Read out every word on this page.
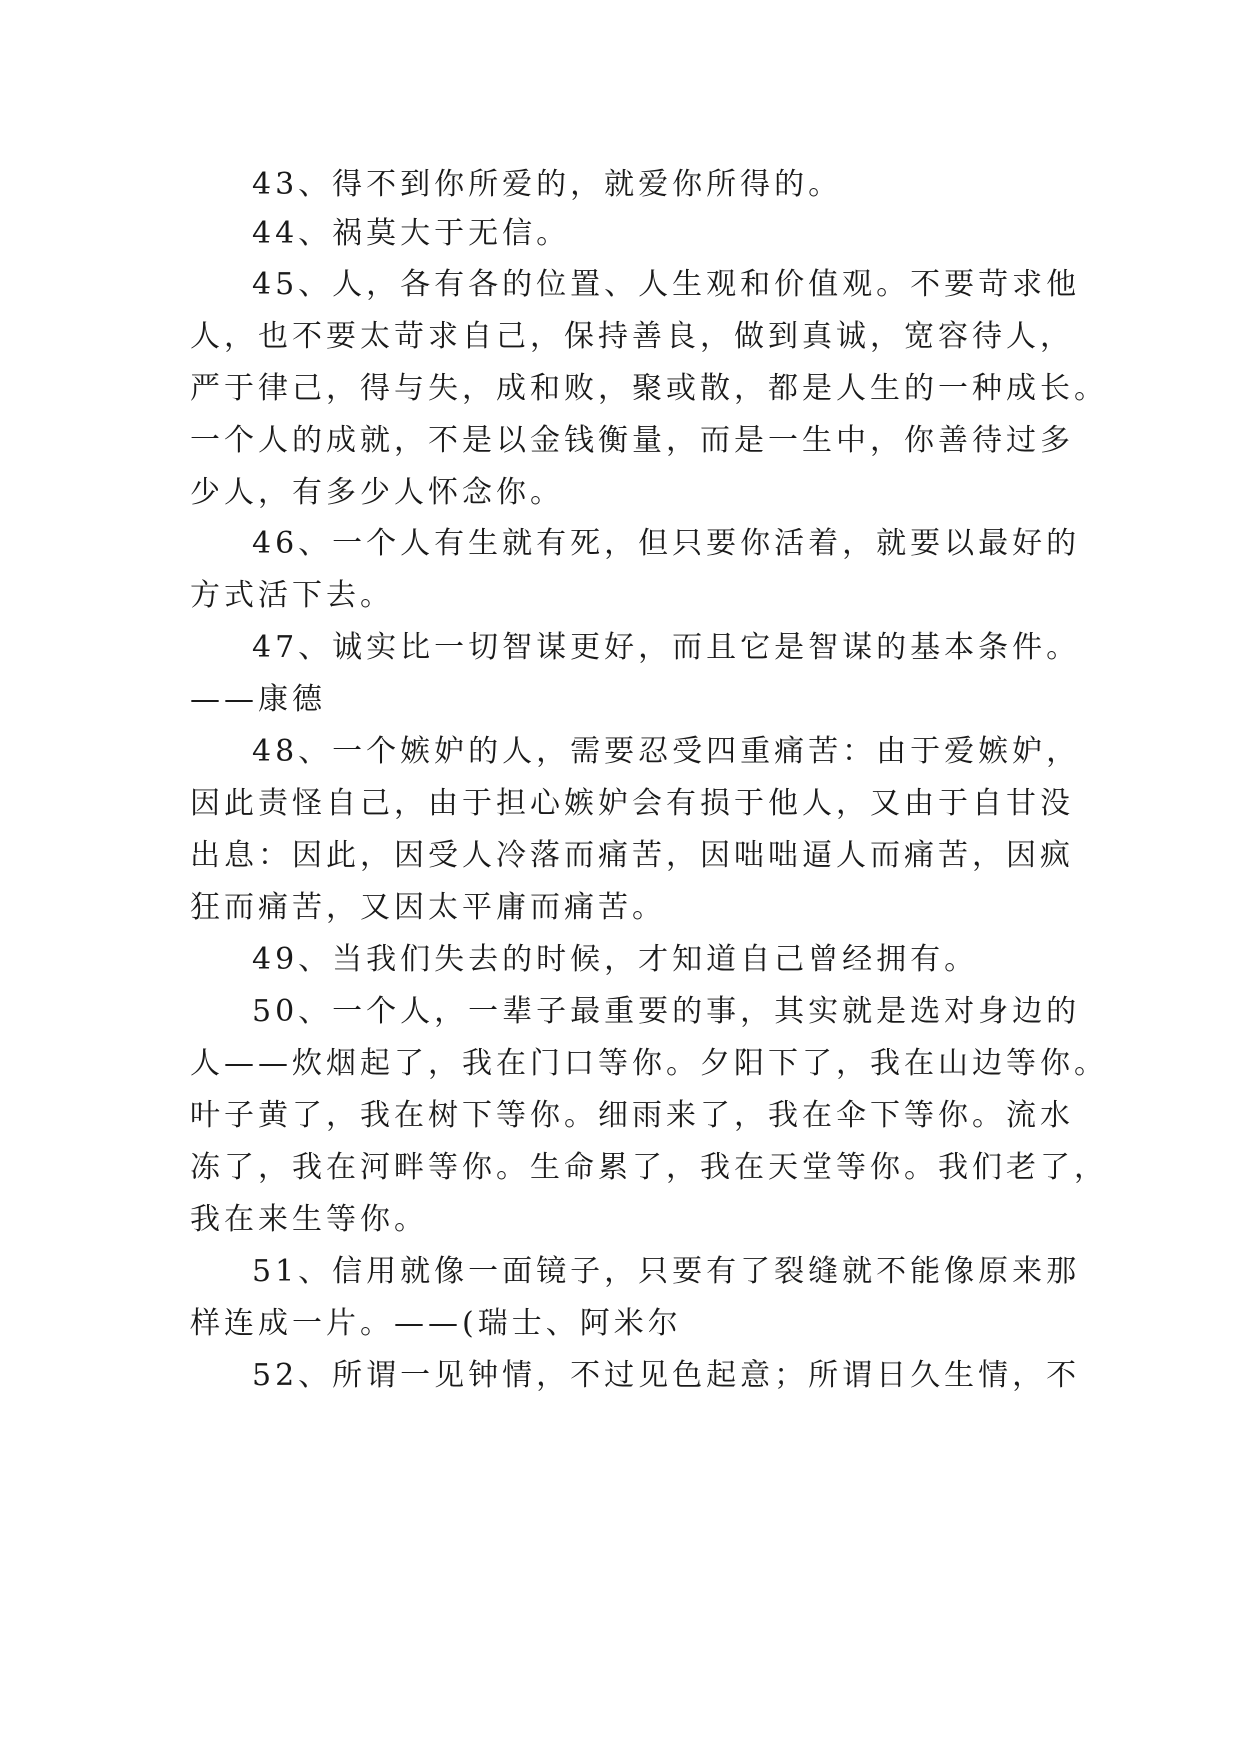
43、得不到你所爱的，就爱你所得的。
44、祸莫大于无信。
45、人，各有各的位置、人生观和价值观。不要苛求他
人，也不要太苛求自己，保持善良，做到真诚，宽容待人，
严于律己，得与失，成和败，聚或散，都是人生的一种成长。
一个人的成就，不是以金钱衡量，而是一生中，你善待过多
少人，有多少人怀念你。
46、一个人有生就有死，但只要你活着，就要以最好的
方式活下去。
47、诚实比一切智谋更好，而且它是智谋的基本条件。
——康德
48、一个嫉妒的人，需要忍受四重痛苦：由于爱嫉妒，
因此责怪自己，由于担心嫉妒会有损于他人，又由于自甘没
出息：因此，因受人冷落而痛苦，因咄咄逼人而痛苦，因疯
狂而痛苦，又因太平庸而痛苦。
49、当我们失去的时候，才知道自己曾经拥有。
50、一个人，一辈子最重要的事，其实就是选对身边的
人——炊烟起了，我在门口等你。夕阳下了，我在山边等你。
叶子黄了，我在树下等你。细雨来了，我在伞下等你。流水
冻了，我在河畔等你。生命累了，我在天堂等你。我们老了，
我在来生等你。
51、信用就像一面镜子，只要有了裂缝就不能像原来那
样连成一片。——(瑞士、阿米尔
52、所谓一见钟情，不过见色起意；所谓日久生情，不
